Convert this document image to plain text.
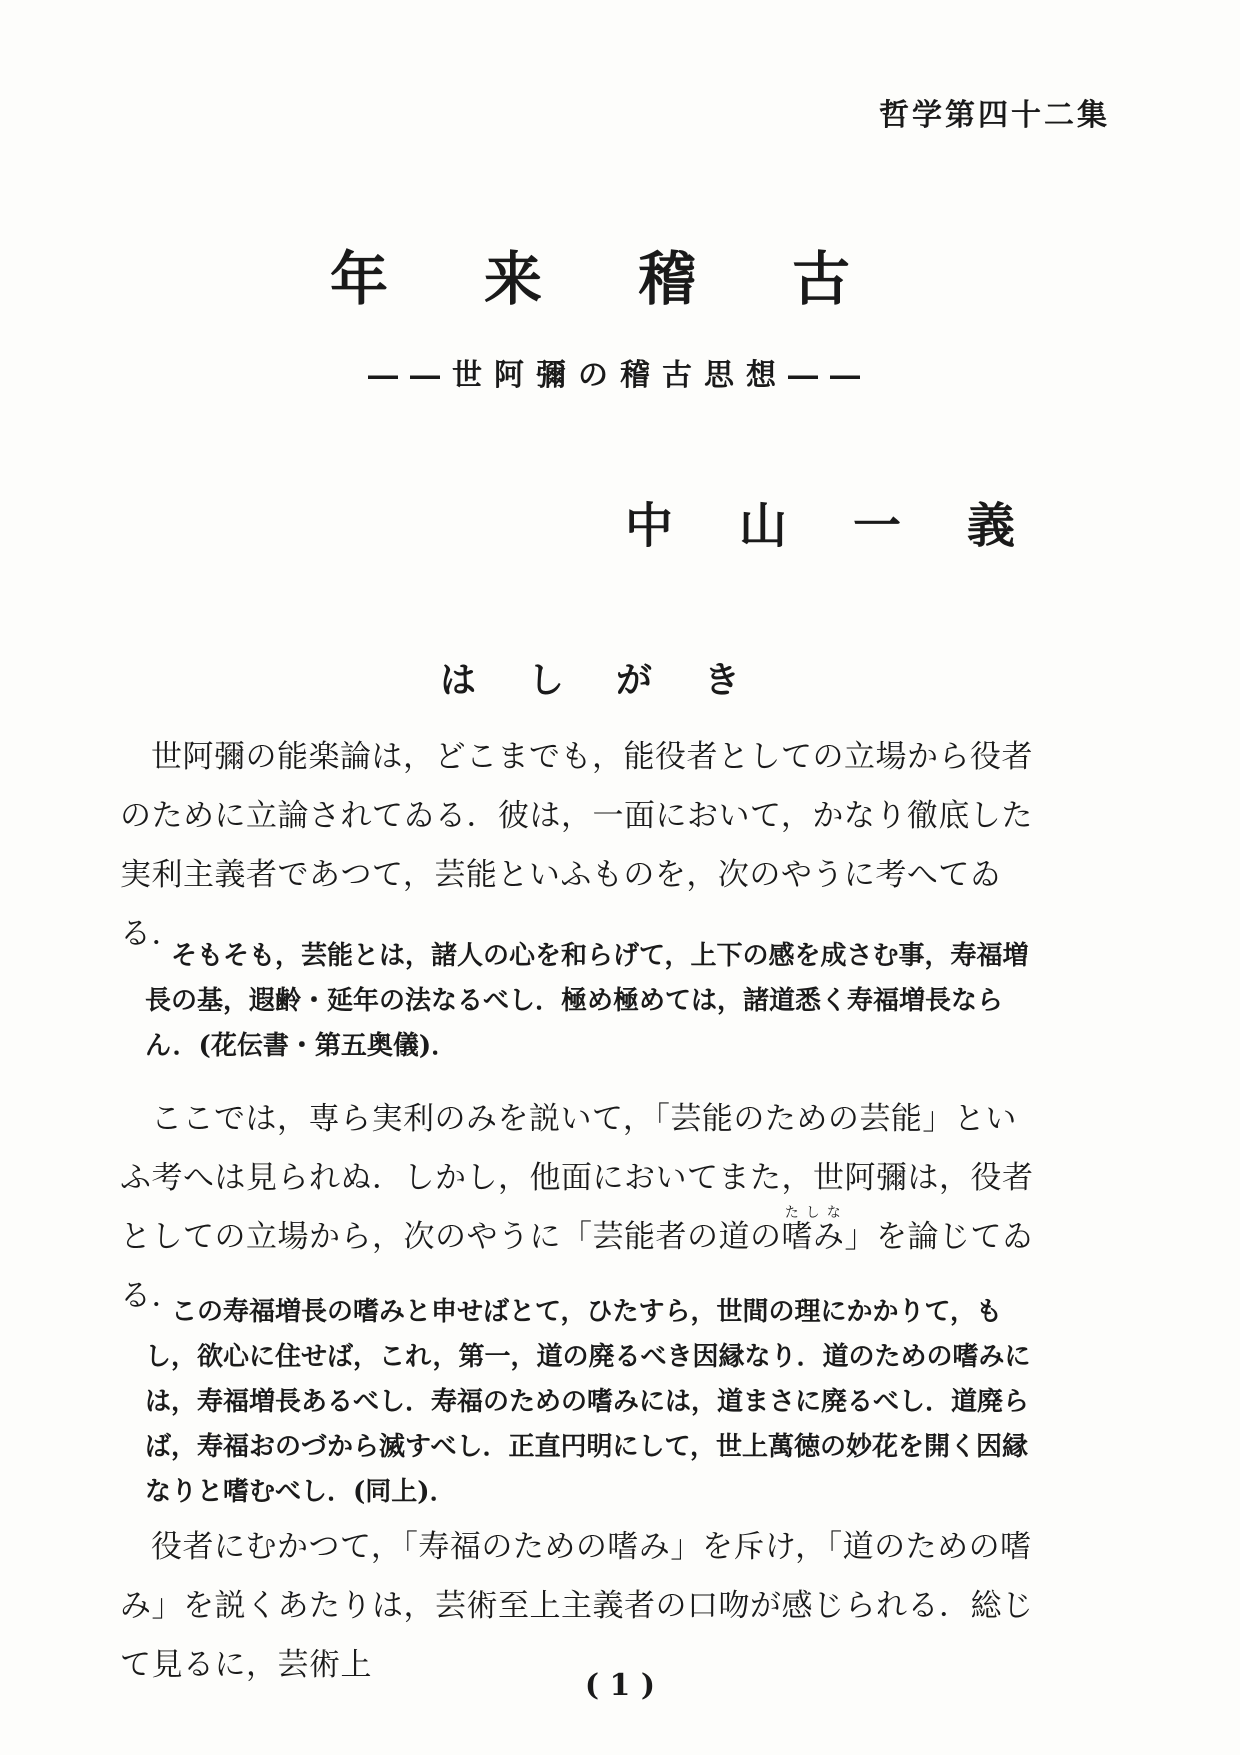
哲学第四十二集
年 来 稽 古
――世阿彌の稽古思想――
中 山 一 義
は し が き

世阿彌の能楽論は，どこまでも，能役者としての立場から役者のために立論されてゐる．彼は，一面において，かなり徹底した実利主義者であつて，芸能といふものを，次のやうに考へてゐる．

そもそも，芸能とは，諸人の心を和らげて，上下の感を成さむ事，寿福増長の基，遐齢・延年の法なるべし．極め極めては，諸道悉く寿福増長ならん．(花伝書・第五奥儀)．

ここでは，専ら実利のみを説いて，「芸能のための芸能」といふ考へは見られぬ．しかし，他面においてまた，世阿彌は，役者としての立場から，次のやうに「芸能者の道の嗜みたしな」を論じてゐる．

この寿福増長の嗜みと申せばとて，ひたすら，世間の理にかかりて，もし，欲心に住せば，これ，第一，道の廃るべき因縁なり．道のための嗜みには，寿福増長あるべし．寿福のための嗜みには，道まさに廃るべし．道廃らば，寿福おのづから滅すべし．正直円明にして，世上萬徳の妙花を開く因縁なりと嗜むべし．(同上)．

役者にむかつて，「寿福のための嗜み」を斥け，「道のための嗜み」を説くあたりは，芸術至上主義者の口吻が感じられる．総じて見るに，芸術上

( 1 )
